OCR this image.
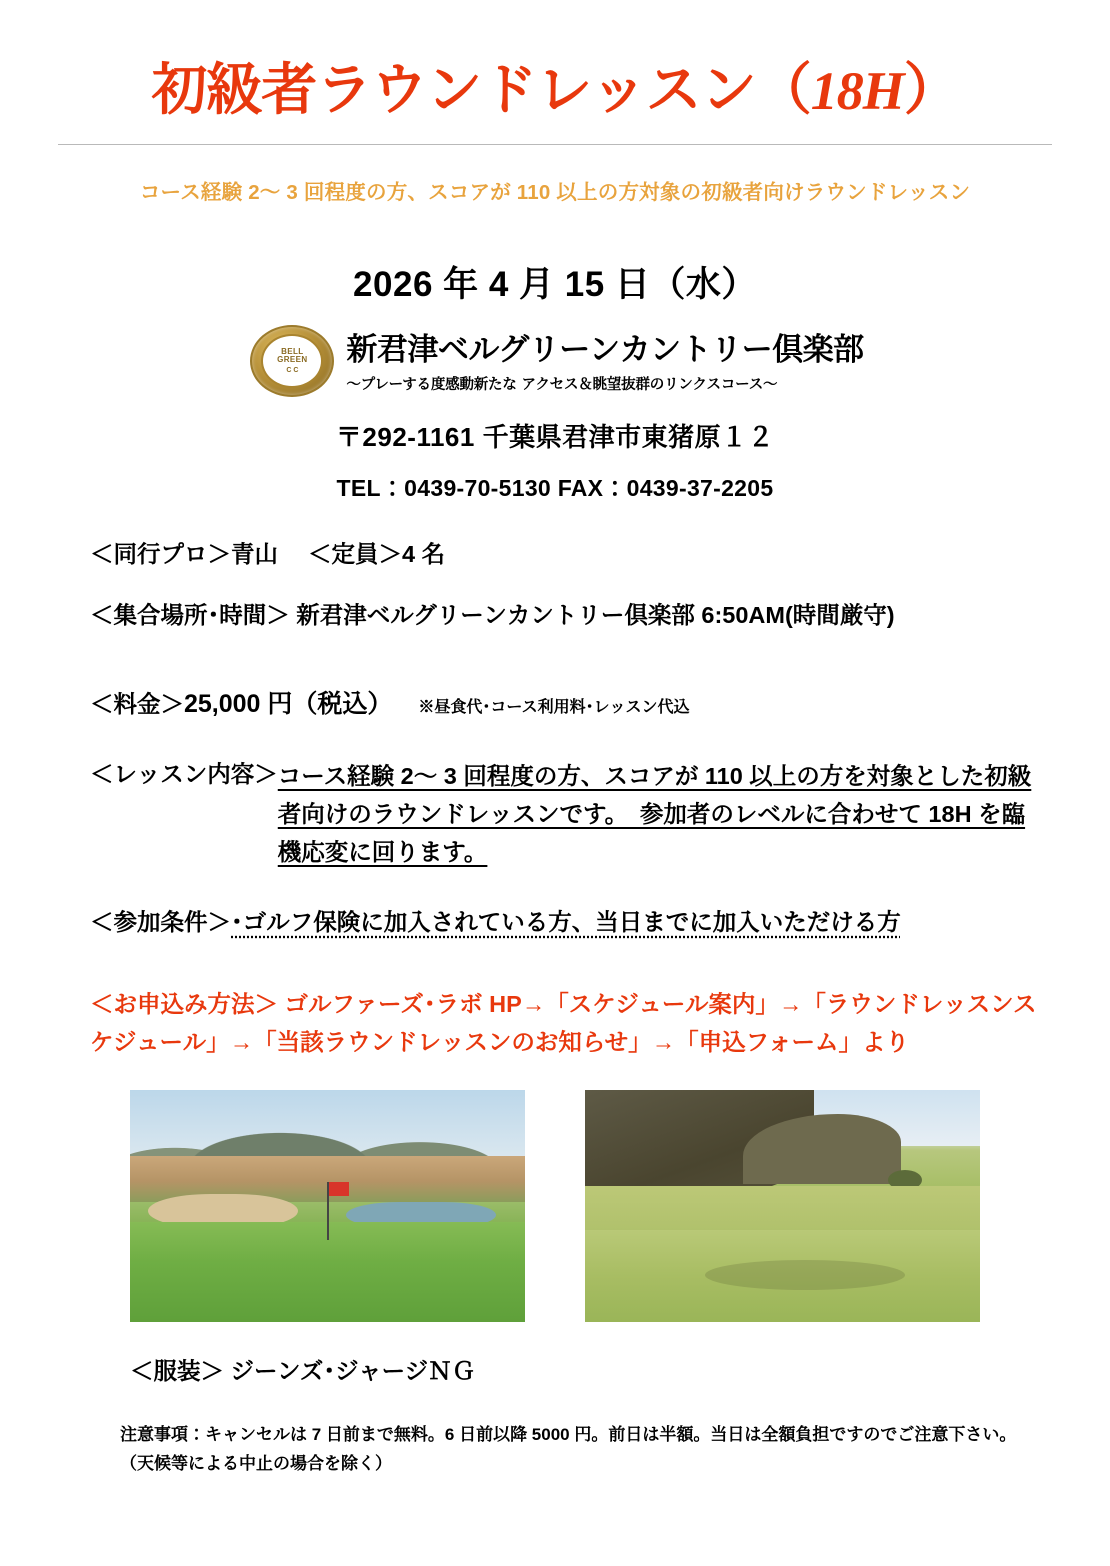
初級者ラウンドレッスン（18H）
コース経験 2〜 3 回程度の方、スコアが 110 以上の方対象の初級者向けラウンドレッスン
2026 年 4 月 15 日（水）
BELL
GREEN
C C
新君津ベルグリーンカントリー倶楽部
〜プレーする度感動新たな アクセス＆眺望抜群のリンクスコース〜
〒292-1161 千葉県君津市東猪原１２
TEL：0439-70-5130 FAX：0439-37-2205
＜同行プロ＞青山 ＜定員＞4 名
＜集合場所･時間＞ 新君津ベルグリーンカントリー倶楽部 6:50AM(時間厳守)
＜料金＞25,000 円（税込） ※昼食代･コース利用料･レッスン代込
＜レッスン内容＞ コース経験 2〜 3 回程度の方、スコアが 110 以上の方を対象とした初級者向けのラウンドレッスンです。　参加者のレベルに合わせて 18H を臨機応変に回ります。
＜参加条件＞ ･ゴルフ保険に加入されている方、当日までに加入いただける方
＜お申込み方法＞ ゴルファーズ･ラボ HP→「スケジュール案内」→「ラウンドレッスンスケジュール」→「当該ラウンドレッスンのお知らせ」→「申込フォーム」より
＜服装＞ ジーンズ･ジャージＮＧ
注意事項：キャンセルは 7 日前まで無料。6 日前以降 5000 円。前日は半額。当日は全額負担ですのでご注意下さい。（天候等による中止の場合を除く）
